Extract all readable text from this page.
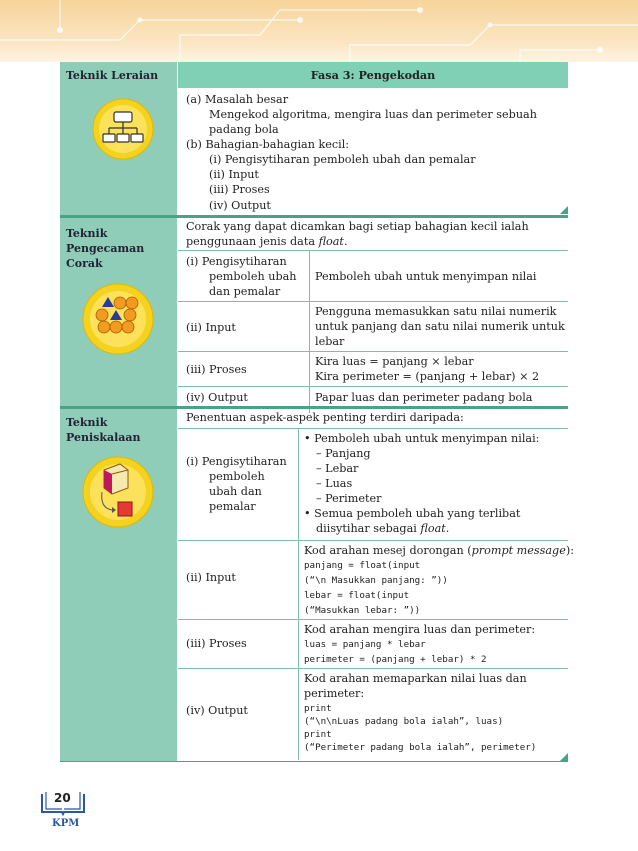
Teknik Leraian	Fasa 3: Pengekodan
(a) Masalah besar
Mengekod algoritma, mengira luas dan perimeter sebuah
padang bola
(b) Bahagian-bahagian kecil:
(i) Pengisytiharan pemboleh ubah dan pemalar
(ii) Input
(iii) Proses
(iv) Output
Teknik
Pengecaman
Corak
Corak yang dapat dicamkan bagi setiap bahagian kecil ialah
penggunaan jenis data float.
(i) Pengisytiharan
pemboleh ubah
dan pemalar
Pemboleh ubah untuk menyimpan nilai
(ii) Input
Pengguna memasukkan satu nilai numerik
untuk panjang dan satu nilai numerik untuk
lebar
(iii) Proses
Kira luas = panjang × lebar
Kira perimeter = (panjang + lebar) × 2
(iv) Output	Papar luas dan perimeter padang bola
Teknik
Peniskalaan
Penentuan aspek-aspek penting terdiri daripada:
(i) Pengisytiharan
pemboleh
ubah dan
pemalar
• Pemboleh ubah untuk menyimpan nilai:
– Panjang
– Lebar
– Luas
– Perimeter
• Semua pemboleh ubah yang terlibat
diisytihar sebagai float.
(ii) Input
Kod arahan mesej dorongan (prompt message):
panjang = float(input
(“\n Masukkan panjang: ”))
lebar = float(input
(“Masukkan lebar: ”))
(iii) Proses
Kod arahan mengira luas dan perimeter:
luas = panjang * lebar
perimeter = (panjang + lebar) * 2
(iv) Output
Kod arahan memaparkan nilai luas dan
perimeter:
print
(“\n\nLuas padang bola ialah”, luas)
print
(“Perimeter padang bola ialah”, perimeter)
20
KPM
